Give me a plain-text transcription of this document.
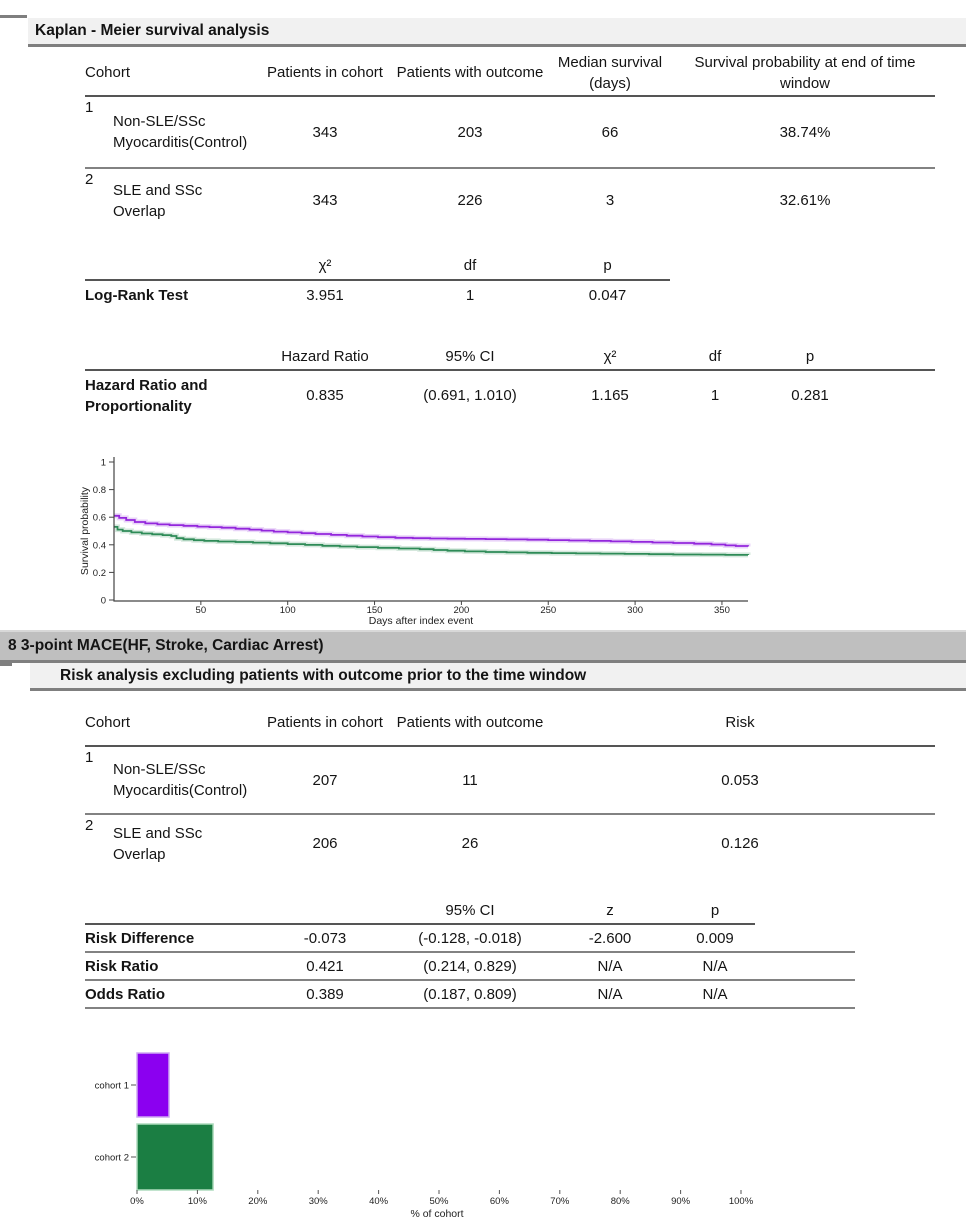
Kaplan - Meier survival analysis
Cohort		Patients in cohort	Patients with outcome	Median survival (days)	Survival probability at end of time window
1	Non-SLE/SSc Myocarditis(Control)	343	203	66	38.74%
2	SLE and SSc Overlap	343	226	3	32.61%
	χ²	df	p
Log-Rank Test	3.951	1	0.047
	Hazard Ratio	95% CI	χ²	df	p	
Hazard Ratio and Proportionality	0.835	(0.691, 1.010)	1.165	1	0.281	
0
0.2
0.4
0.6
0.8
1
50	100	150	200	250	300	350
Survival probability
Days after index event
8 3-point MACE(HF, Stroke, Cardiac Arrest)
Risk analysis excluding patients with outcome prior to the time window
Cohort		Patients in cohort	Patients with outcome	Risk
1	Non-SLE/SSc Myocarditis(Control)	207	11	0.053
2	SLE and SSc Overlap	206	26	0.126
		95% CI	z	p	
Risk Difference	-0.073	(-0.128, -0.018)	-2.600	0.009	
Risk Ratio	0.421	(0.214, 0.829)	N/A	N/A	
Odds Ratio	0.389	(0.187, 0.809)	N/A	N/A	
cohort 1
cohort 2
0%	10%	20%	30%	40%	50%	60%	70%	80%	90%	100%
% of cohort
